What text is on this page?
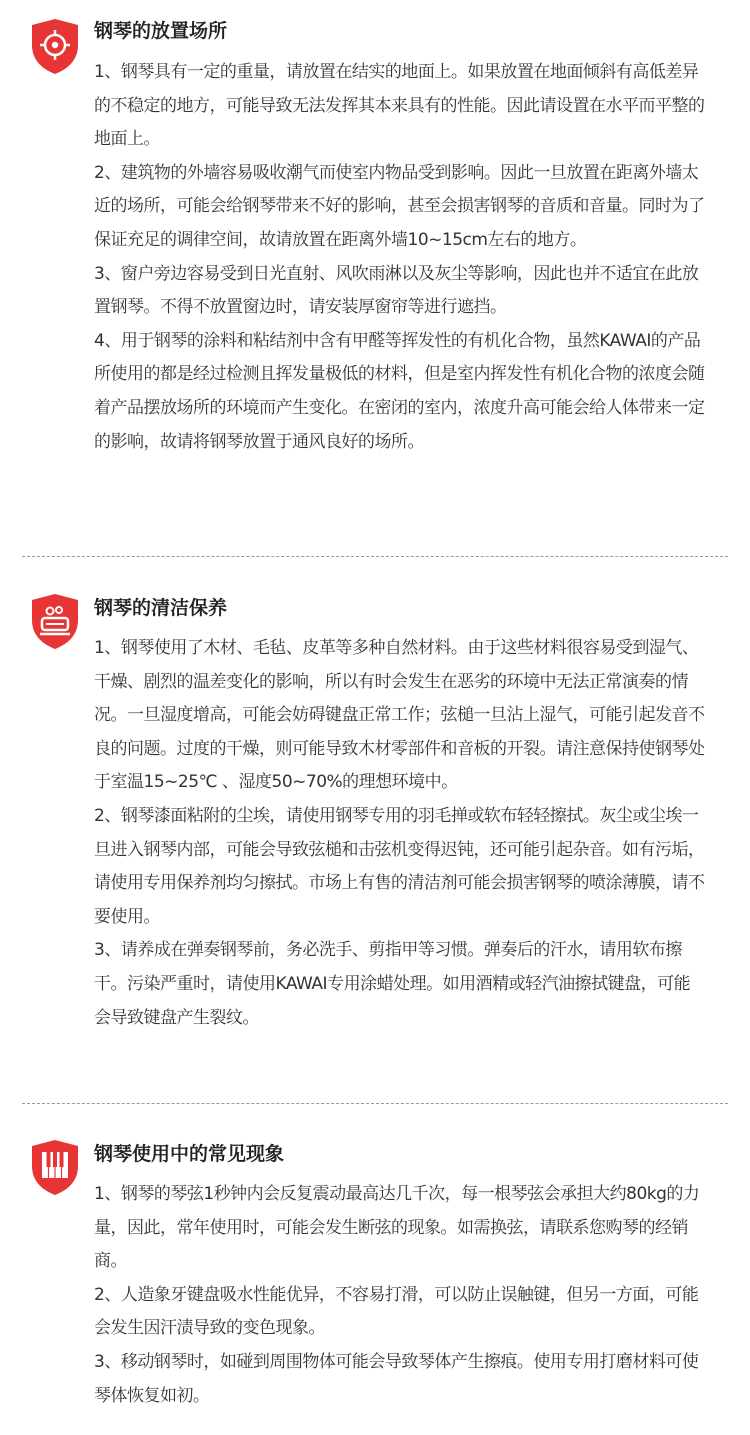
钢琴的放置场所

1、钢琴具有一定的重量，请放置在结实的地面上。如果放置在地面倾斜有高低差异的不稳定的地方，可能导致无法发挥其本来具有的性能。因此请设置在水平而平整的地面上。

2、建筑物的外墙容易吸收潮气而使室内物品受到影响。因此一旦放置在距离外墙太近的场所，可能会给钢琴带来不好的影响，甚至会损害钢琴的音质和音量。同时为了保证充足的调律空间，故请放置在距离外墙10~15cm左右的地方。

3、窗户旁边容易受到日光直射、风吹雨淋以及灰尘等影响，因此也并不适宜在此放置钢琴。不得不放置窗边时，请安装厚窗帘等进行遮挡。

4、用于钢琴的涂料和粘结剂中含有甲醛等挥发性的有机化合物，虽然KAWAI的产品所使用的都是经过检测且挥发量极低的材料，但是室内挥发性有机化合物的浓度会随着产品摆放场所的环境而产生变化。在密闭的室内，浓度升高可能会给人体带来一定的影响，故请将钢琴放置于通风良好的场所。

钢琴的清洁保养

1、钢琴使用了木材、毛毡、皮革等多种自然材料。由于这些材料很容易受到湿气、干燥、剧烈的温差变化的影响，所以有时会发生在恶劣的环境中无法正常演奏的情况。一旦湿度增高，可能会妨碍键盘正常工作；弦槌一旦沾上湿气，可能引起发音不良的问题。过度的干燥，则可能导致木材零部件和音板的开裂。请注意保持使钢琴处于室温15~25℃ 、湿度50~70%的理想环境中。

2、钢琴漆面粘附的尘埃，请使用钢琴专用的羽毛掸或软布轻轻擦拭。灰尘或尘埃一旦进入钢琴内部，可能会导致弦槌和击弦机变得迟钝，还可能引起杂音。如有污垢，请使用专用保养剂均匀擦拭。市场上有售的清洁剂可能会损害钢琴的喷涂薄膜，请不要使用。

3、请养成在弹奏钢琴前，务必洗手、剪指甲等习惯。弹奏后的汗水，请用软布擦干。污染严重时，请使用KAWAI专用涂蜡处理。如用酒精或轻汽油擦拭键盘，可能会导致键盘产生裂纹。

钢琴使用中的常见现象

1、钢琴的琴弦1秒钟内会反复震动最高达几千次，每一根琴弦会承担大约80kg的力量，因此，常年使用时，可能会发生断弦的现象。如需换弦，请联系您购琴的经销商。

2、人造象牙键盘吸水性能优异，不容易打滑，可以防止误触键，但另一方面，可能会发生因汗渍导致的变色现象。

3、移动钢琴时，如碰到周围物体可能会导致琴体产生擦痕。使用专用打磨材料可使琴体恢复如初。
